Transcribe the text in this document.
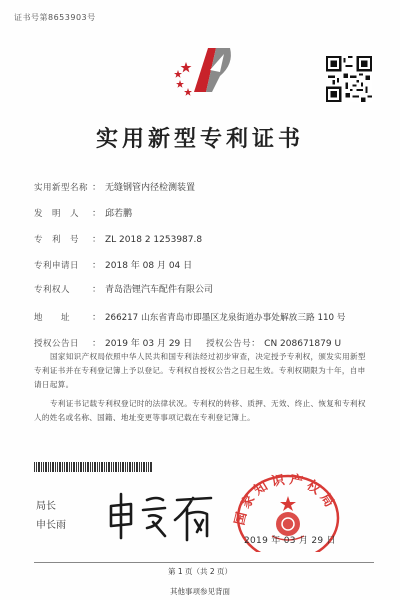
证书号第8653903号
实用新型专利证书
实用新型名称 ： 无缝钢管内径检测装置
发　明　人	： 邱若鹏
专　利　号	： ZL 2018 2 1253987.8
专利申请日	： 2018 年 08 月 04 日
专利权人	： 青岛浩锂汽车配件有限公司
地　　址	： 266217 山东省青岛市即墨区龙泉街道办事处解放三路 110 号
授权公告日	： 2019 年 03 月 29 日 授权公告号 ： CN 208671879 U
国家知识产权局依照中华人民共和国专利法经过初步审查，决定授予专利权，颁发实用新型专利证书并在专利登记簿上予以登记。专利权自授权公告之日起生效。专利权期限为十年，自申请日起算。
专利证书记载专利权登记时的法律状况。专利权的转移、质押、无效、终止、恢复和专利权人的姓名或名称、国籍、地址变更等事项记载在专利登记簿上。
局长
申长雨	国家知识产权局
2019 年 03 月 29 日
第 1 页（共 2 页）
其他事项参见背面
